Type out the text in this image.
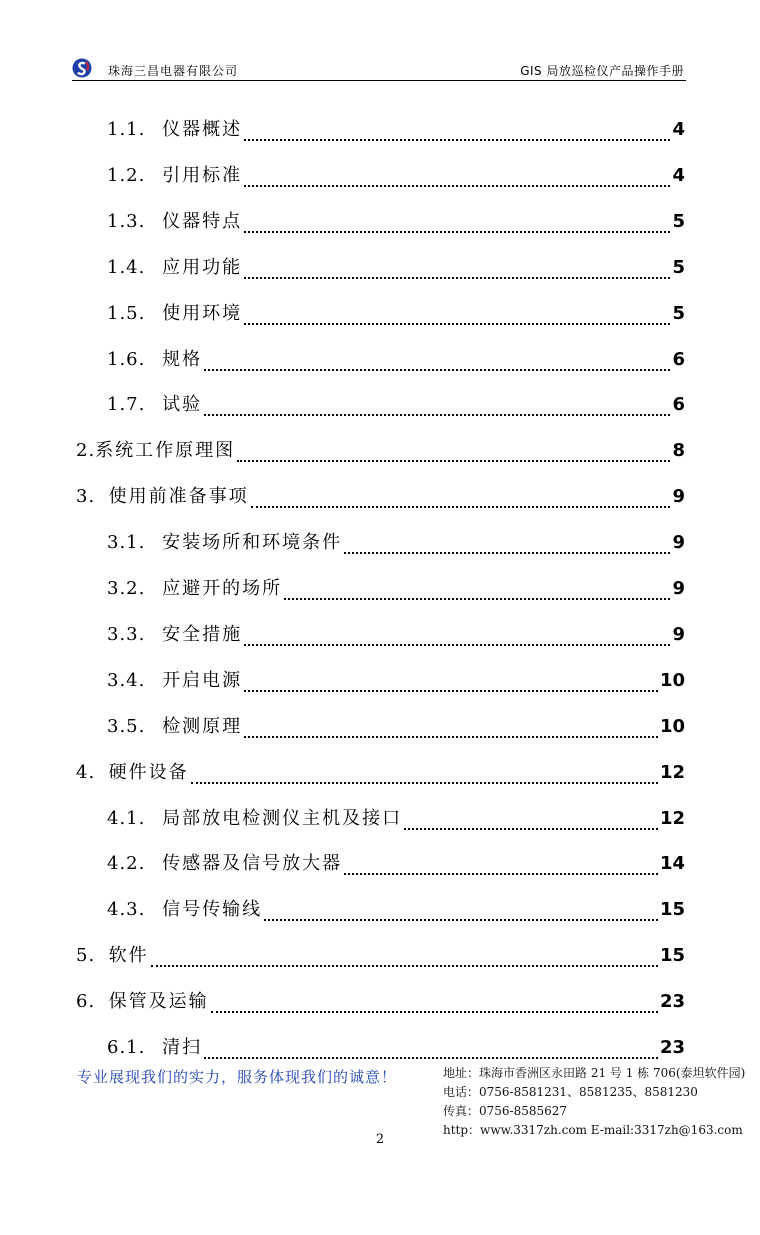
珠海三昌电器有限公司	GIS 局放巡检仪产品操作手册
1.1. 仪器概述	4
1.2. 引用标准	4
1.3. 仪器特点	5
1.4. 应用功能	5
1.5. 使用环境	5
1.6. 规格	6
1.7. 试验	6
2. 系统工作原理图	8
3. 使用前准备事项	9
3.1. 安装场所和环境条件	9
3.2. 应避开的场所	9
3.3. 安全措施	9
3.4. 开启电源	10
3.5. 检测原理	10
4. 硬件设备	12
4.1. 局部放电检测仪主机及接口	12
4.2. 传感器及信号放大器	14
4.3. 信号传输线	15
5. 软件	15
6. 保管及运输	23
6.1. 清扫	23
专业展现我们的实力，服务体现我们的诚意！	地址：珠海市香洲区永田路 21 号 1 栋 706(泰坦软件园)
电话：0756-8581231、8581235、8581230
传真：0756-8585627
http：www.3317zh.com E-mail:3317zh@163.com
2
